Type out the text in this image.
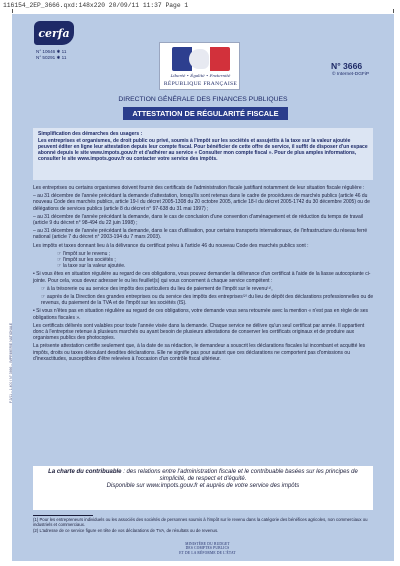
116154_2EP_3666.qxd:148x220 20/09/11 11:37 Page 1
cerfa
N° 10646 ✱ 11
N° 50291 ✱ 11
Liberté • Égalité • Fraternité
RÉPUBLIQUE FRANÇAISE
N° 3666
© Internet-DGFiP
DIRECTION GÉNÉRALE DES FINANCES PUBLIQUES
ATTESTATION DE RÉGULARITÉ FISCALE
Simplification des démarches des usagers :
Les entreprises et organismes, de droit public ou privé, soumis à l'impôt sur les sociétés et assujettis à la taxe sur la valeur ajoutée peuvent éditer en ligne leur attestation depuis leur compte fiscal. Pour bénéficier de cette offre de service, il suffit de disposer d'un espace abonné depuis le site www.impots.gouv.fr et d'adhérer au service « Consulter mon compte fiscal ». Pour de plus amples informations, consulter le site www.impots.gouv.fr ou contacter votre service des impôts.

Les entreprises ou certains organismes doivent fournir des certificats de l'administration fiscale justifiant notamment de leur situation fiscale régulière :

– au 31 décembre de l'année précédant la demande d'attestation, lorsqu'ils sont retenus dans le cadre de procédures de marchés publics (article 46 du nouveau Code des marchés publics, article 19-I du décret 2005-1308 du 20 octobre 2005, article 18-I du décret 2005-1742 du 30 décembre 2005) ou de délégations de services publics (article 8 du décret n° 97-638 du 31 mai 1997) ;

– au 31 décembre de l'année précédant la demande, dans le cas de conclusion d'une convention d'aménagement et de réduction du temps de travail (article 9 du décret n° 98-494 du 22 juin 1998) ;

– au 31 décembre de l'année précédant la demande, dans le cas d'utilisation, pour certains transports internationaux, de l'infrastructure du réseau ferré national (article 7 du décret n° 2003-194 du 7 mars 2003).

Les impôts et taxes donnant lieu à la délivrance du certificat prévu à l'article 46 du nouveau Code des marchés publics sont :

☞ l'impôt sur le revenu ;

☞ l'impôt sur les sociétés ;

☞ la taxe sur la valeur ajoutée.

• Si vous êtes en situation régulière au regard de ces obligations, vous pouvez demander la délivrance d'un certificat à l'aide de la liasse autocopiante ci-jointe. Pour cela, vous devez adresser le ou les feuillet(s) qui vous concernent à chaque service compétent :

☞ à la trésorerie ou au service des impôts des particuliers du lieu de paiement de l'impôt sur le revenu⁽¹⁾,

☞ auprès de la Direction des grandes entreprises ou du service des impôts des entreprises⁽²⁾ du lieu de dépôt des déclarations professionnelles ou de revenus, du paiement de la TVA et de l'impôt sur les sociétés (IS).

• Si vous n'êtes pas en situation régulière au regard de ces obligations, votre demande vous sera retournée avec la mention « n'est pas en règle de ses obligations fiscales ».

Les certificats délivrés sont valables pour toute l'année visée dans la demande. Chaque service ne délivre qu'un seul certificat par année. Il appartient donc à l'entreprise retenue à plusieurs marchés ou ayant besoin de plusieurs attestations de conserver les certificats originaux et de produire aux organismes publics des photocopies.

La présente attestation certifie seulement que, à la date de sa rédaction, le demandeur a souscrit les déclarations fiscales lui incombant et acquitté les impôts, droits ou taxes découlant desdites déclarations. Elle ne signifie pas pour autant que ces déclarations ne comportent pas d'omissions ou d'inexactitudes, susceptibles d'être relevées à l'occasion d'un contrôle fiscal ultérieur.

La charte du contribuable : des relations entre l'administration fiscale et le contribuable basées sur les principes de simplicité, de respect et d'équité.
Disponible sur www.impots.gouv.fr et auprès de votre service des impôts
(1) Pour les entrepreneurs individuels ou les associés des sociétés de personnes soumis à l'impôt sur le revenu dans la catégorie des bénéfices agricoles, non commerciaux ou industriels et commerciaux.
(2) L'adresse de ce service figure en tête de vos déclarations de TVA, de résultats ou de revenus.
MINISTÈRE DU BUDGET
DES COMPTES PUBLICS
ET DE LA RÉFORME DE L'ÉTAT
F.3/11 – 1.400 / N° 3666 – IMPRIMERIE NATIONALE
